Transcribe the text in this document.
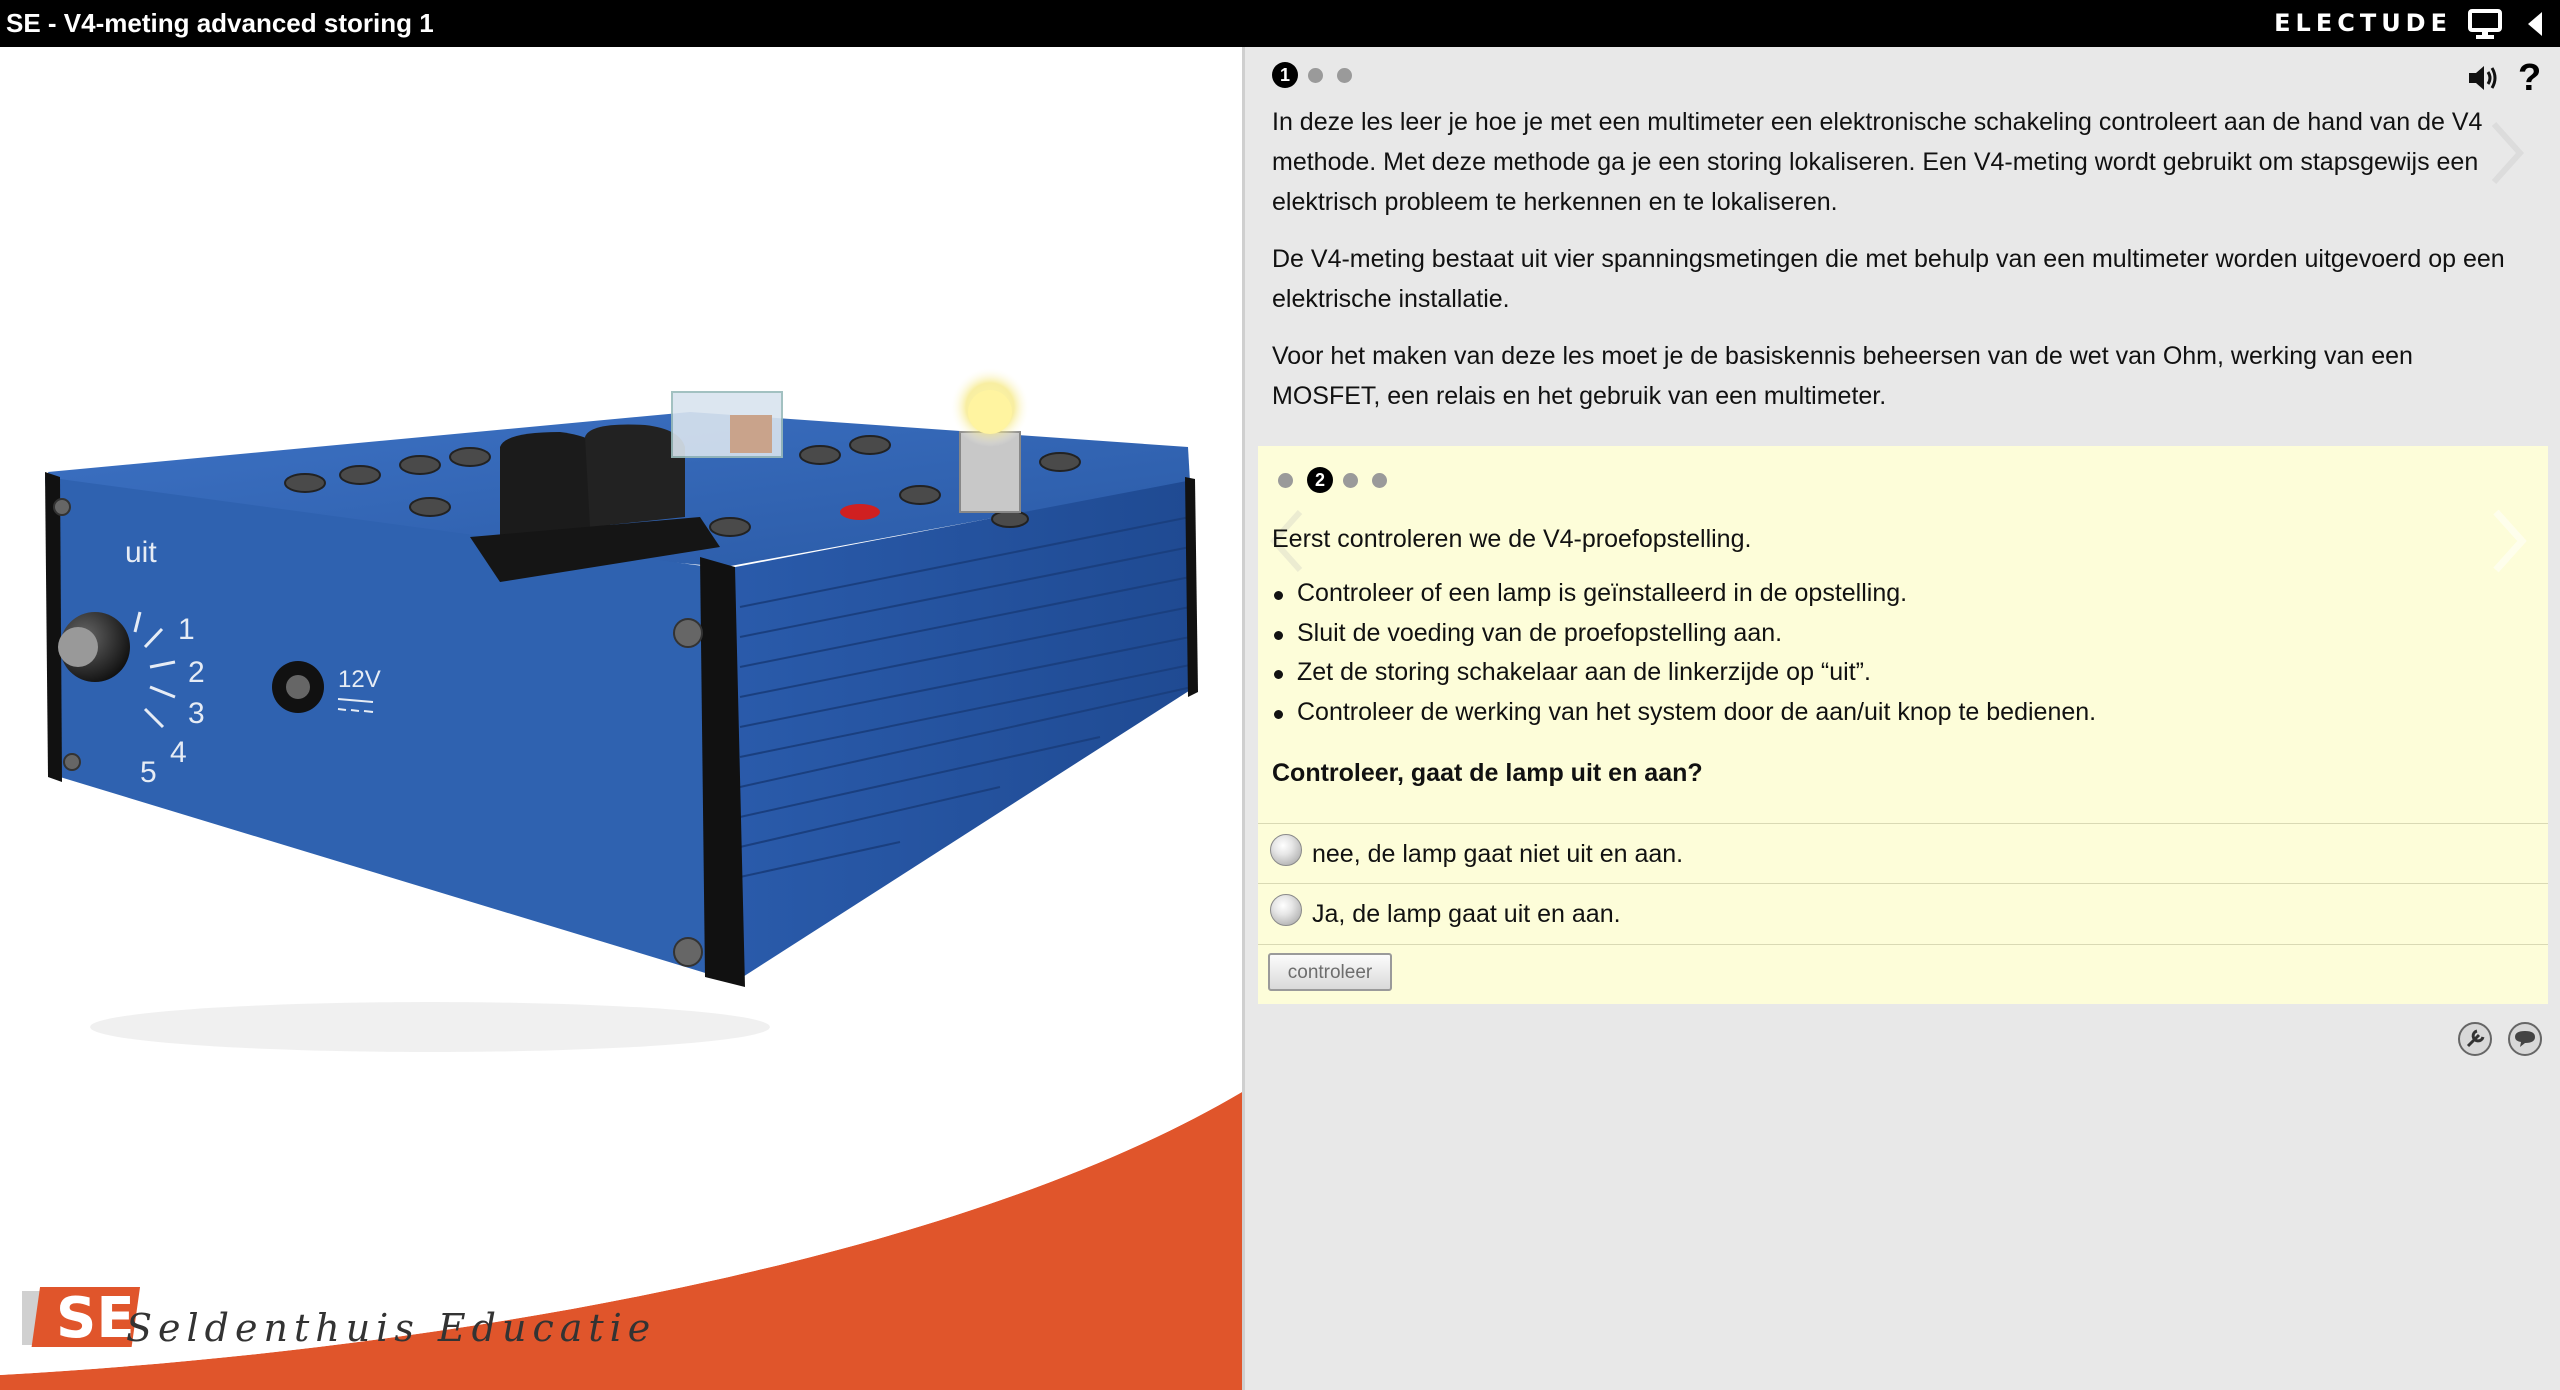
SE - V4-meting advanced storing 1	ELECTUDE
uit
1
2
3
4
5
12V
SE
Seldenthuis Educatie
1	?

In deze les leer je hoe je met een multimeter een elektronische schakeling controleert aan de hand van de V4 methode. Met deze methode ga je een storing lokaliseren. Een V4-meting wordt gebruikt om stapsgewijs een elektrisch probleem te herkennen en te lokaliseren.

De V4-meting bestaat uit vier spanningsmetingen die met behulp van een multimeter worden uitgevoerd op een elektrische installatie.

Voor het maken van deze les moet je de basiskennis beheersen van de wet van Ohm, werking van een MOSFET, een relais en het gebruik van een multimeter.

2
Eerst controleren we de V4-proefopstelling.
Controleer of een lamp is geïnstalleerd in de opstelling.
Sluit de voeding van de proefopstelling aan.
Zet de storing schakelaar aan de linkerzijde op “uit”.
Controleer de werking van het system door de aan/uit knop te bedienen.
Controleer, gaat de lamp uit en aan?
nee, de lamp gaat niet uit en aan.
Ja, de lamp gaat uit en aan.
controleer
